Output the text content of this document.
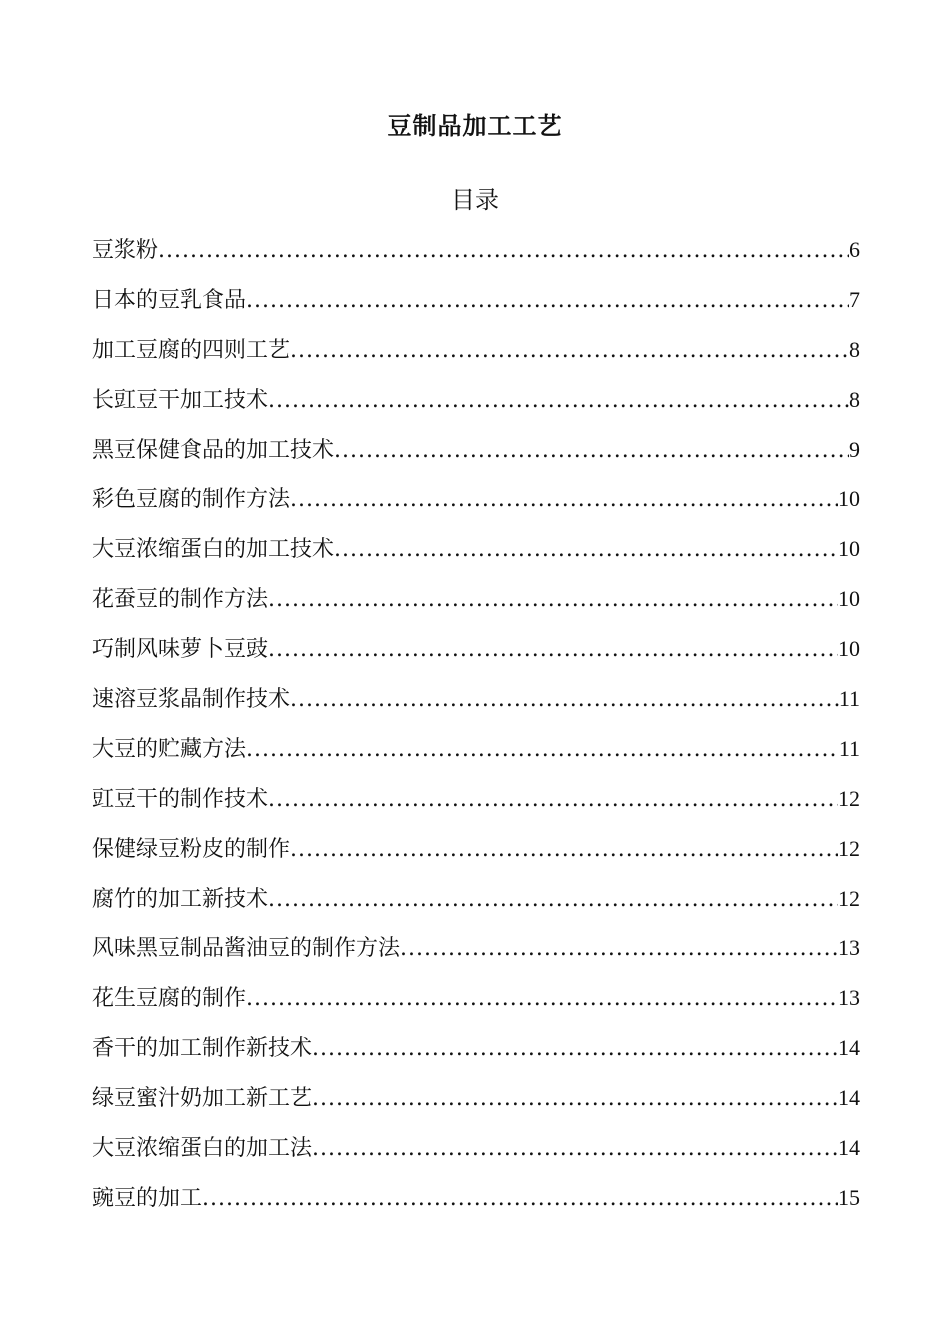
豆制品加工工艺
目录
豆浆粉 .....	6
日本的豆乳食品 .....	7
加工豆腐的四则工艺 .....	8
长豇豆干加工技术 .....	8
黑豆保健食品的加工技术 .....	9
彩色豆腐的制作方法 .....	10
大豆浓缩蛋白的加工技术 .....	10
花蚕豆的制作方法 .....	10
巧制风味萝卜豆豉 .....	10
速溶豆浆晶制作技术 .....	11
大豆的贮藏方法 .....	11
豇豆干的制作技术 .....	12
保健绿豆粉皮的制作 .....	12
腐竹的加工新技术 .....	12
风味黑豆制品酱油豆的制作方法 .....	13
花生豆腐的制作 .....	13
香干的加工制作新技术 .....	14
绿豆蜜汁奶加工新工艺 .....	14
大豆浓缩蛋白的加工法 .....	14
豌豆的加工 .....	15
